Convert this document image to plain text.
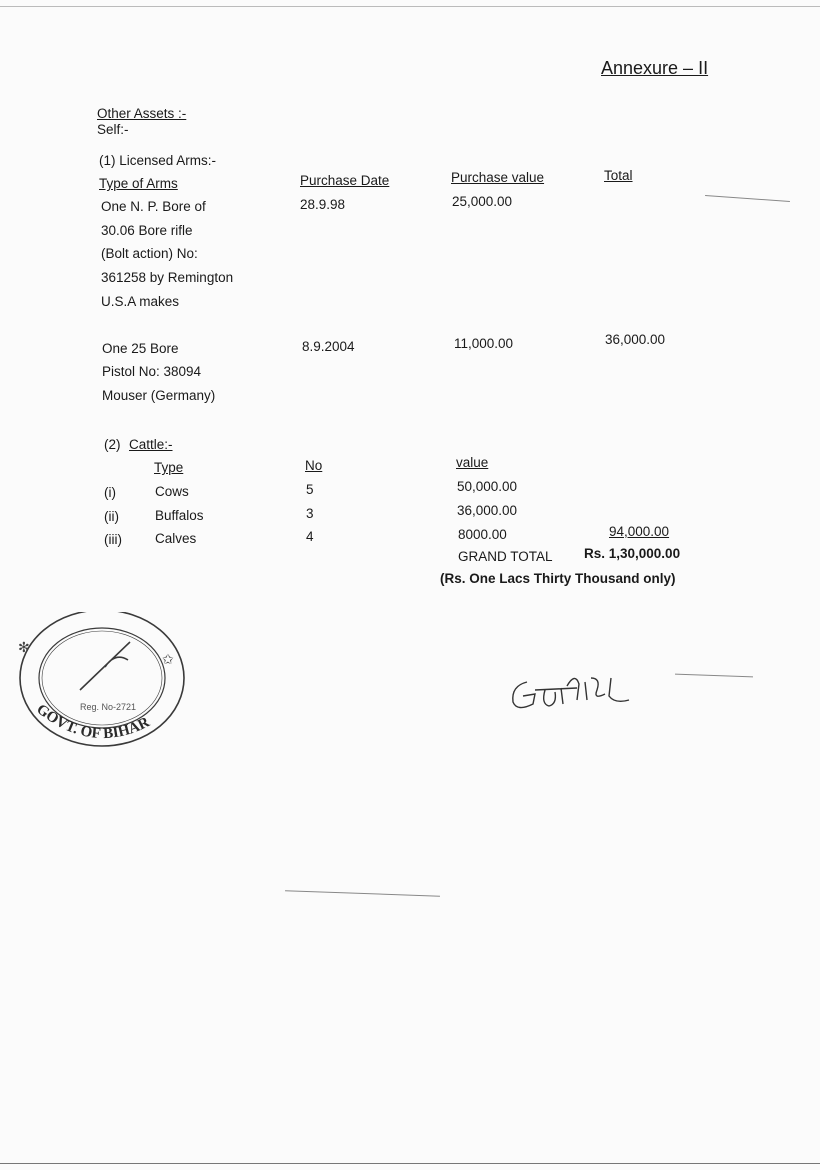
Annexure – II
Other Assets :-
Self:-
(1) Licensed Arms:-
Type of Arms	Purchase Date	Purchase value	Total
One N. P. Bore of
30.06 Bore rifle
(Bolt action) No:
361258 by Remington
U.S.A makes
28.9.98	25,000.00
One 25 Bore
Pistol No: 38094
Mouser (Germany)
8.9.2004	11,000.00	36,000.00
(2) Cattle:-
Type	No	value
(i)	Cows	5	50,000.00
(ii)	Buffalos	3	36,000.00
(iii) Calves	4	8000.00	94,000.00
GRAND TOTAL Rs. 1,30,000.00
(Rs. One Lacs Thirty Thousand only)
✻
✩
Reg. No-2721
GOVT. OF BIHAR
